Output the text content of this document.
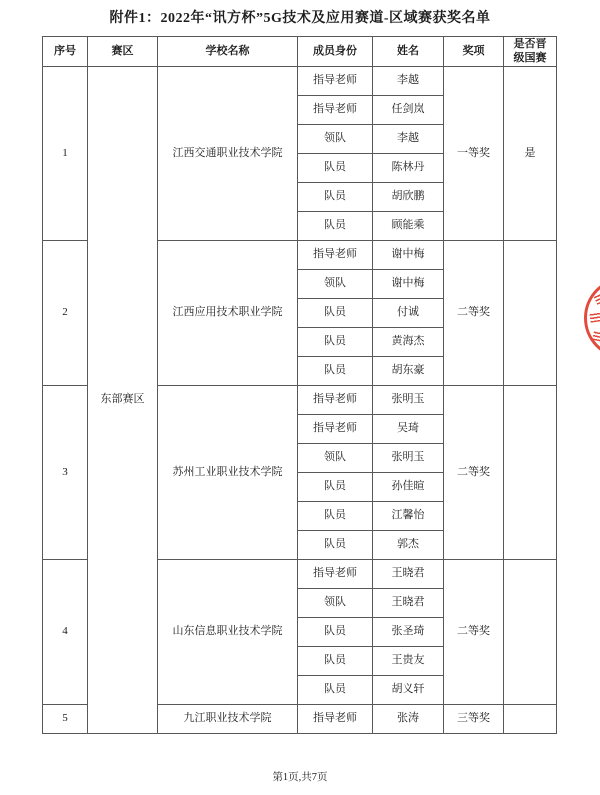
附件1：2022年“讯方杯”5G技术及应用赛道-区域赛获奖名单
序号	赛区	学校名称	成员身份	姓名	奖项	是否晋级国赛
1	东部赛区	江西交通职业技术学院	指导老师	李越	一等奖	是
			指导老师	任剑岚		
			领队	李越		
			队员	陈林丹		
			队员	胡欣鹏		
			队员	顾能乘		
2		江西应用技术职业学院	指导老师	谢中梅	二等奖	
			领队	谢中梅		
			队员	付诚		
			队员	黄海杰		
			队员	胡东豪		
3		苏州工业职业技术学院	指导老师	张明玉	二等奖	
			指导老师	吴琦		
			领队	张明玉		
			队员	孙佳暄		
			队员	江馨怡		
			队员	郭杰		
4		山东信息职业技术学院	指导老师	王晓君	二等奖	
			领队	王晓君		
			队员	张圣琦		
			队员	王贵友		
			队员	胡义轩		
5		九江职业技术学院	指导老师	张涛	三等奖	
第1页,共7页
